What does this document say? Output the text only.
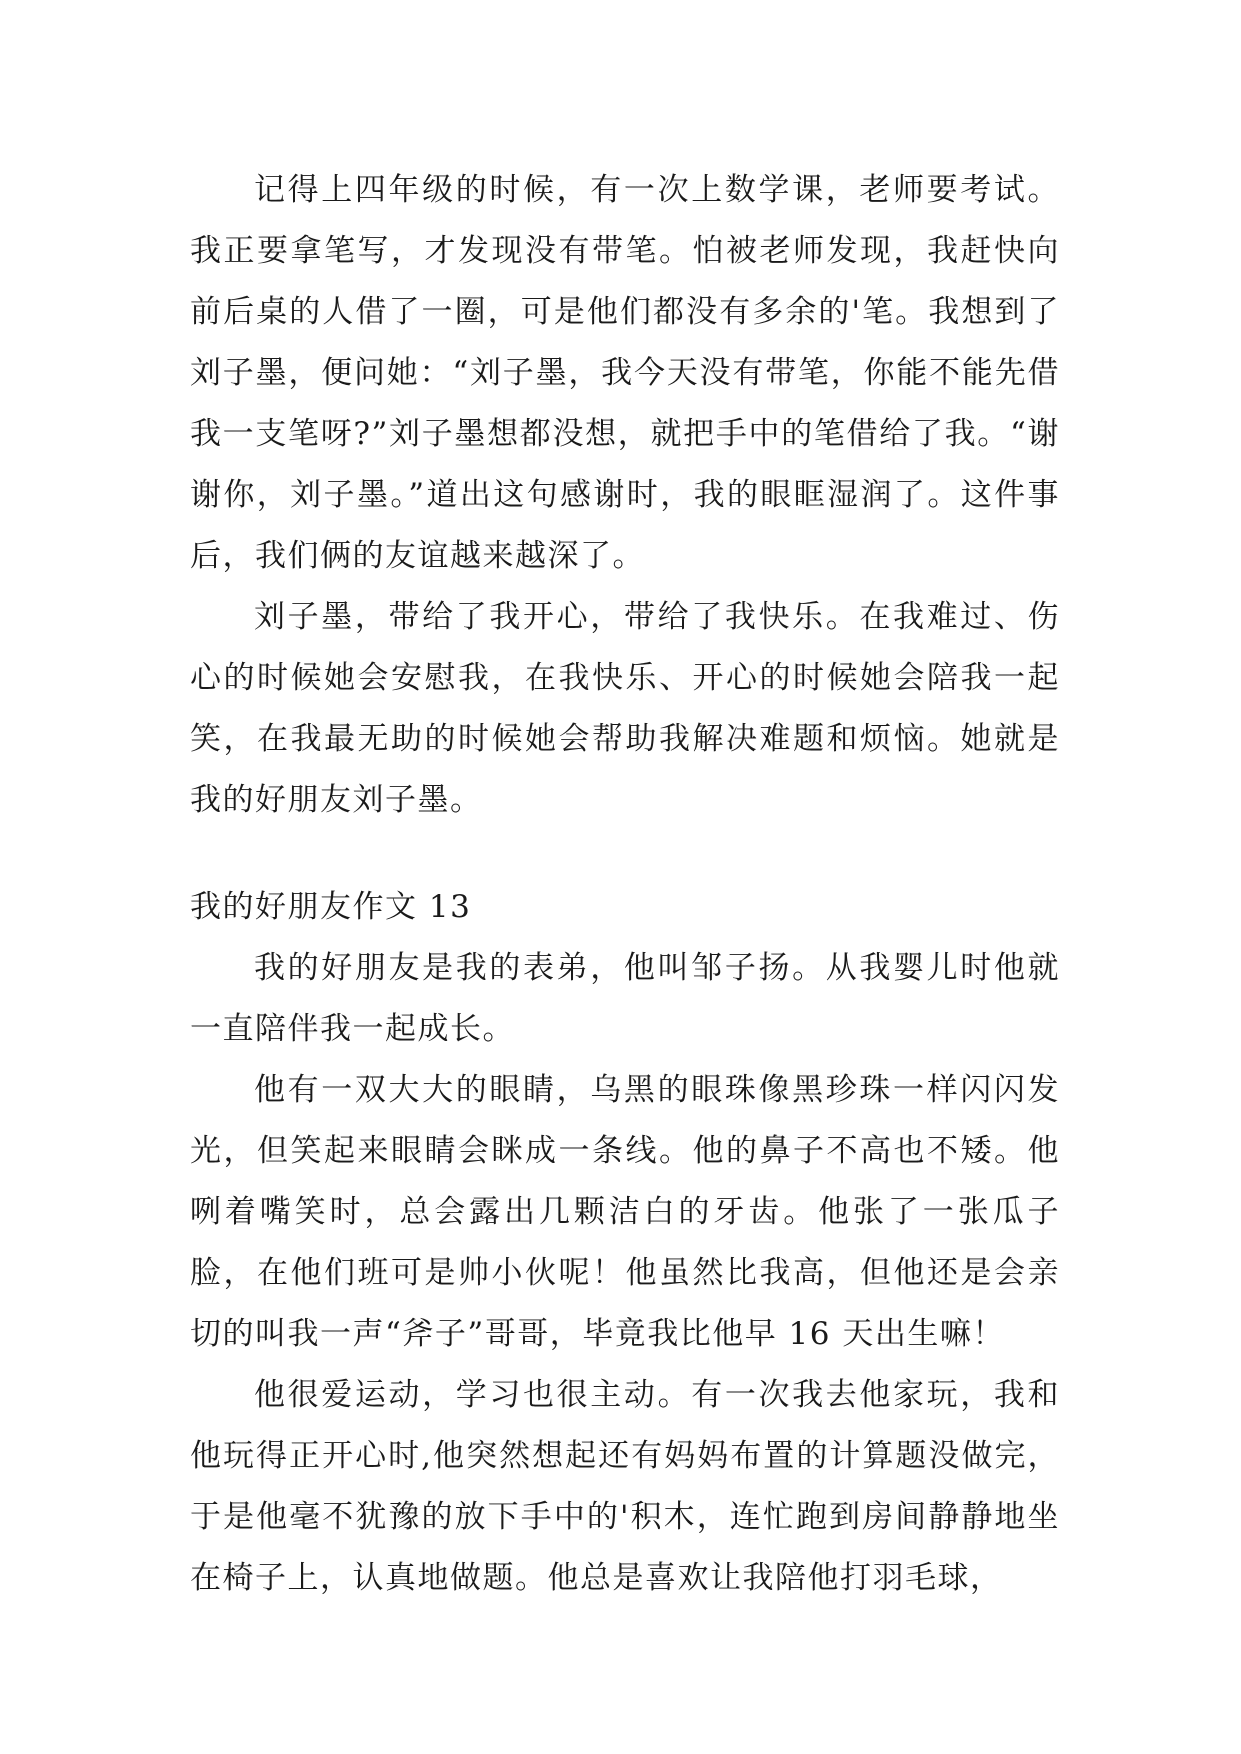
记得上四年级的时候，有一次上数学课，老师要考试。我正要拿笔写，才发现没有带笔。怕被老师发现，我赶快向前后桌的人借了一圈，可是他们都没有多余的'笔。我想到了刘子墨，便问她：“刘子墨，我今天没有带笔，你能不能先借我一支笔呀?”刘子墨想都没想，就把手中的笔借给了我。“谢谢你，刘子墨。”道出这句感谢时，我的眼眶湿润了。这件事后，我们俩的友谊越来越深了。

刘子墨，带给了我开心，带给了我快乐。在我难过、伤心的时候她会安慰我，在我快乐、开心的时候她会陪我一起笑，在我最无助的时候她会帮助我解决难题和烦恼。她就是我的好朋友刘子墨。

我的好朋友作文 13

我的好朋友是我的表弟，他叫邹子扬。从我婴儿时他就一直陪伴我一起成长。

他有一双大大的眼睛，乌黑的眼珠像黑珍珠一样闪闪发光，但笑起来眼睛会眯成一条线。他的鼻子不高也不矮。他咧着嘴笑时，总会露出几颗洁白的牙齿。他张了一张瓜子脸，在他们班可是帅小伙呢！他虽然比我高，但他还是会亲切的叫我一声“斧子”哥哥，毕竟我比他早 16 天出生嘛！

他很爱运动，学习也很主动。有一次我去他家玩，我和他玩得正开心时,他突然想起还有妈妈布置的计算题没做完，于是他毫不犹豫的放下手中的'积木，连忙跑到房间静静地坐在椅子上，认真地做题。他总是喜欢让我陪他打羽毛球，
